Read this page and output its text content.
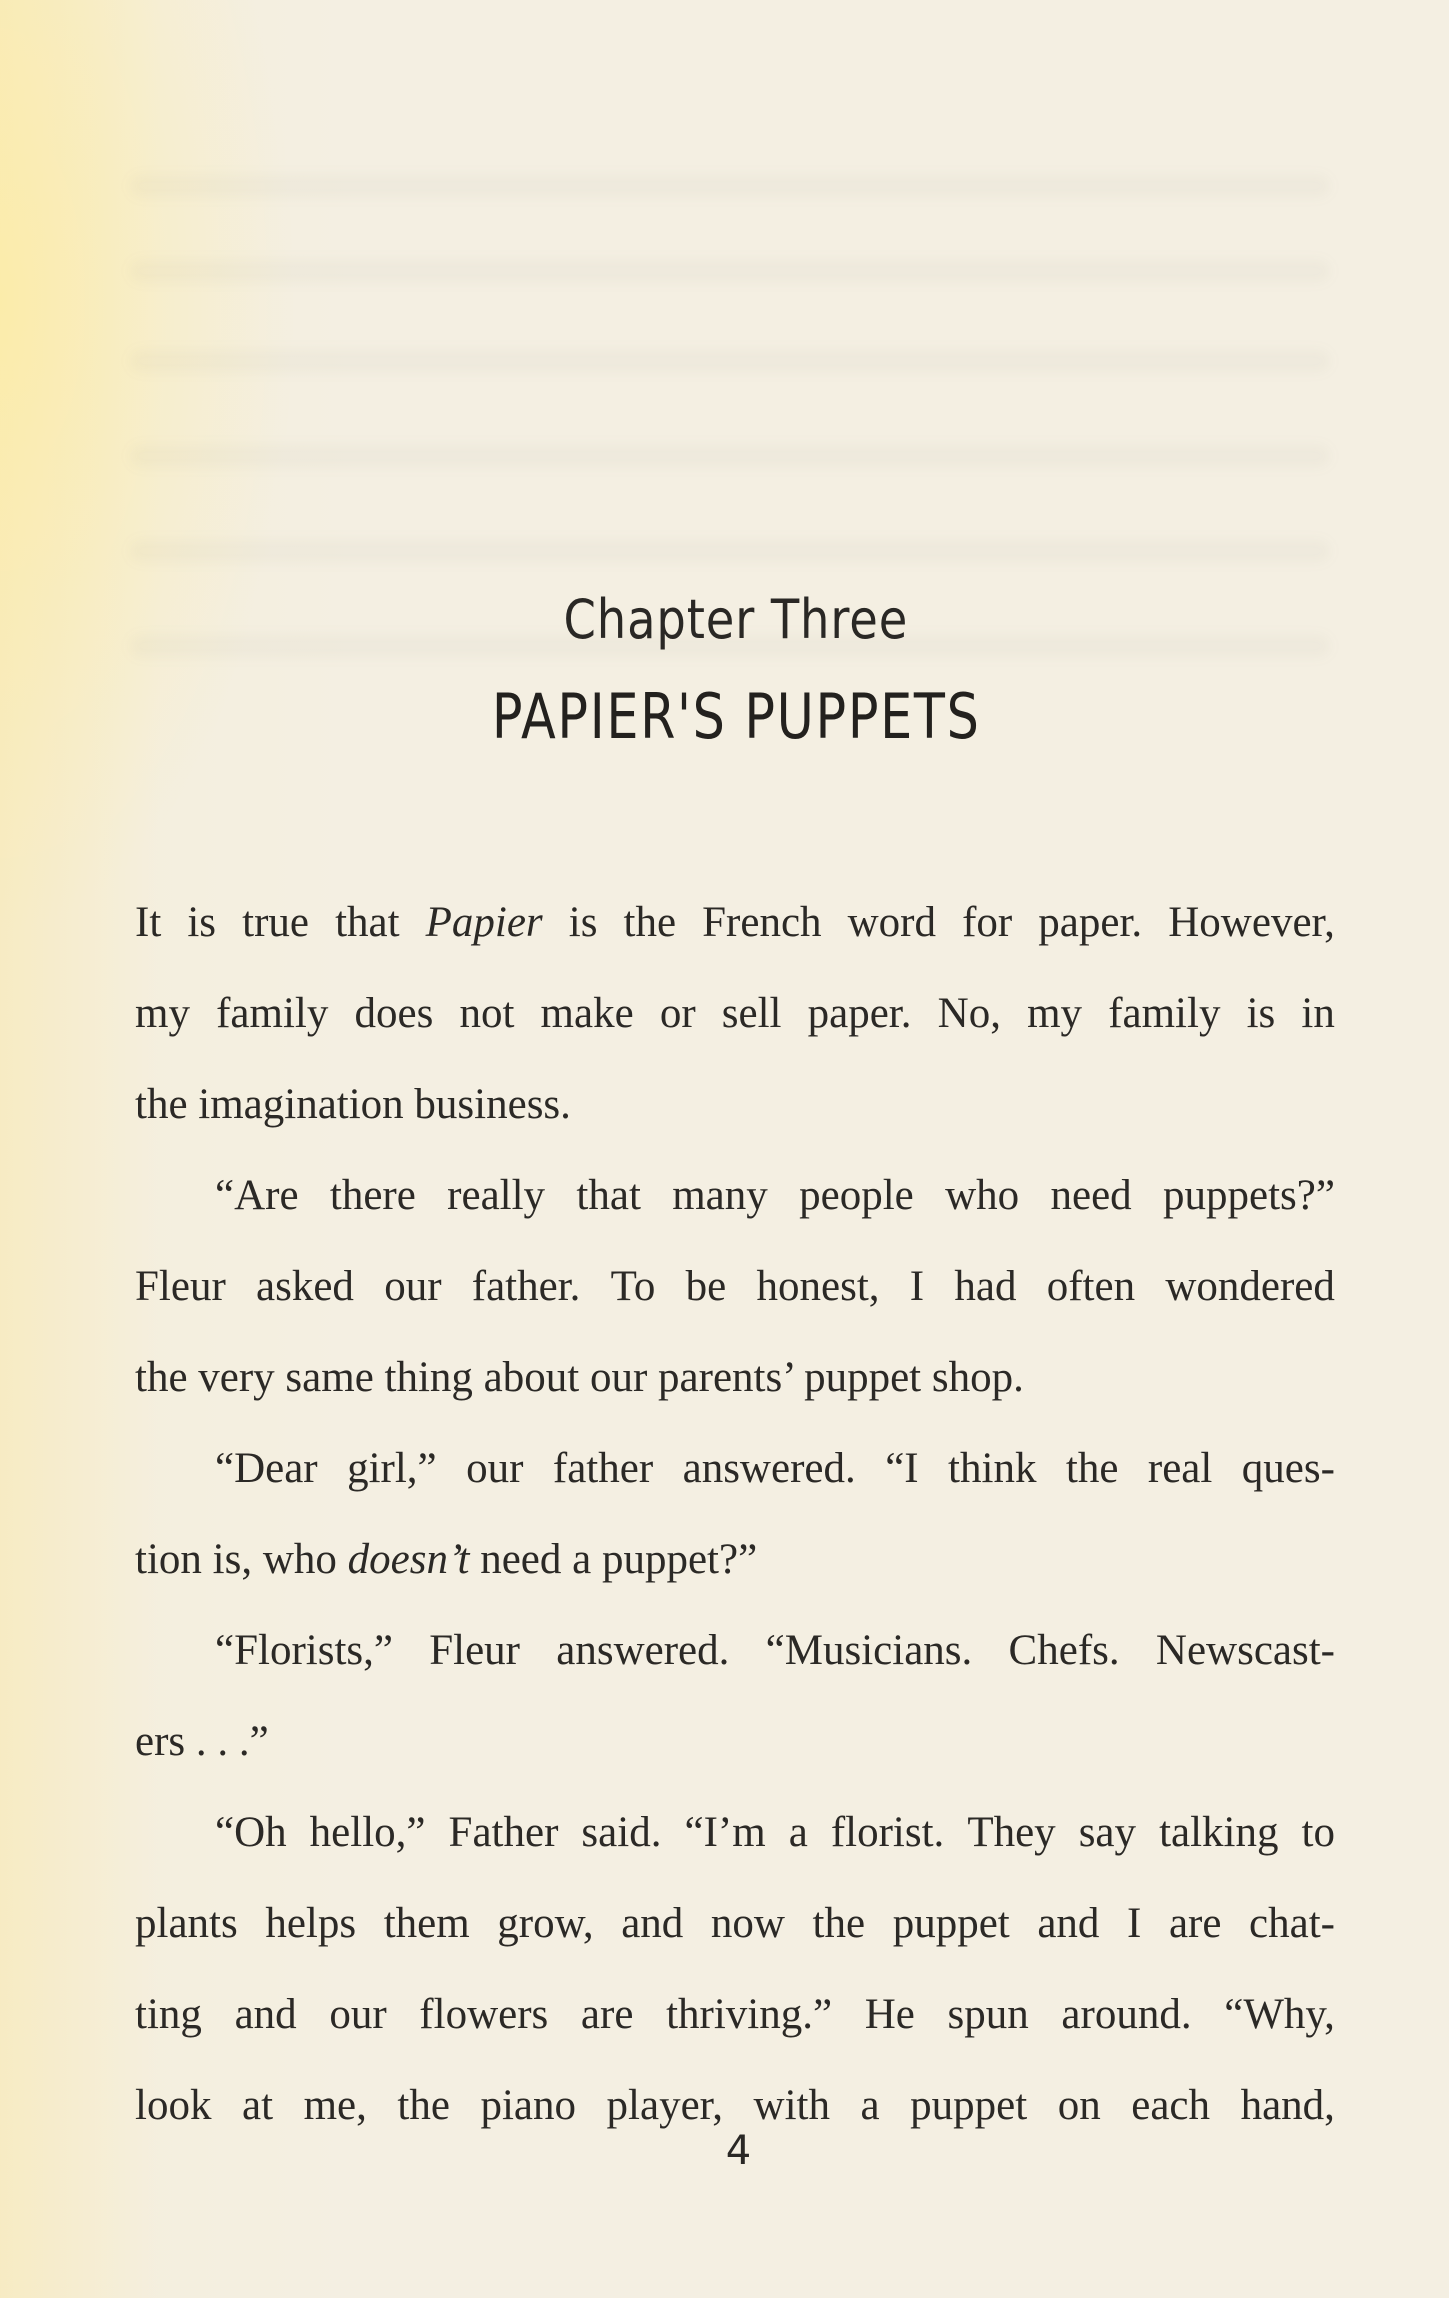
Chapter Three
PAPIER'S PUPPETS
It is true that Papier is the French word for paper. However,
my family does not make or sell paper. No, my family is in
the imagination business.
“Are there really that many people who need puppets?”
Fleur asked our father. To be honest, I had often wondered
the very same thing about our parents’ puppet shop.
“Dear girl,” our father answered. “I think the real ques-
tion is, who doesn’t need a puppet?”
“Florists,” Fleur answered. “Musicians. Chefs. Newscast-
ers . . .”
“Oh hello,” Father said. “I’m a florist. They say talking to
plants helps them grow, and now the puppet and I are chat-
ting and our flowers are thriving.” He spun around. “Why,
look at me, the piano player, with a puppet on each hand,
4
